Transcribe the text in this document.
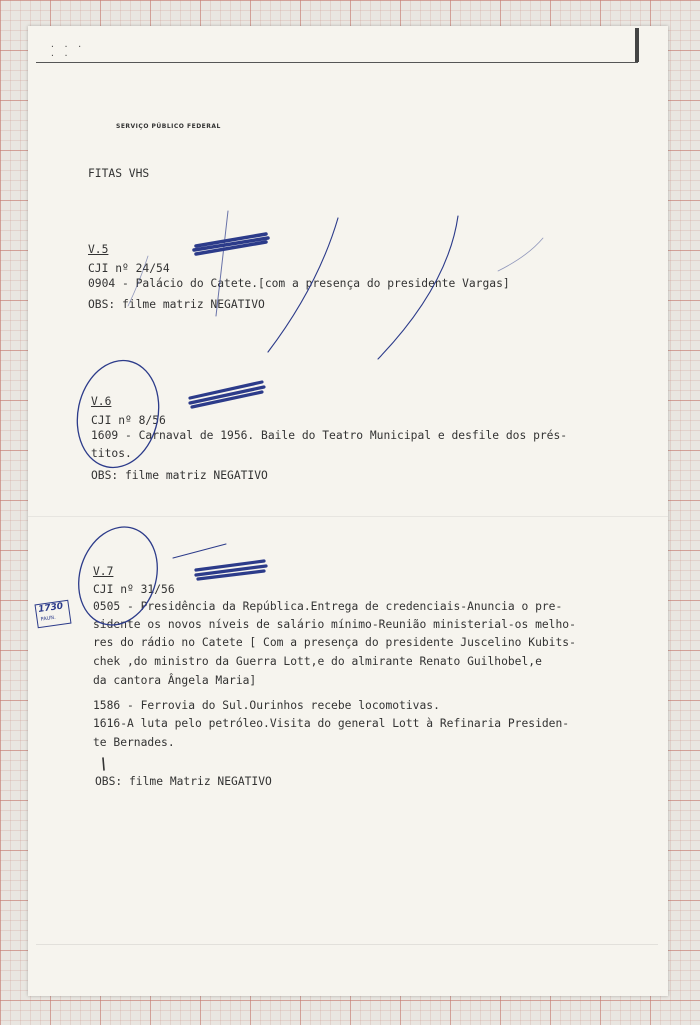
· · ·
· ·
SERVIÇO PÚBLICO FEDERAL
FITAS VHS
V.5
CJI nº 24/54
0904 - Palácio do Catete.[com a presença do presidente Vargas]
OBS: filme matriz NEGATIVO
V.6
CJI nº 8/56
1609 - Carnaval de 1956. Baile do Teatro Municipal e desfile dos prés-
titos.
OBS: filme matriz NEGATIVO
V.7
CJI nº 31/56
0505 - Presidência da República.Entrega de credenciais-Anuncia o pre-
sidente os novos níveis de salário mínimo-Reunião ministerial-os melho-
res do rádio no Catete [ Com a presença do presidente Juscelino Kubits-
chek ,do ministro da Guerra Lott,e do almirante Renato Guilhobel,e
da cantora Ângela Maria]
1586 - Ferrovia do Sul.Ourinhos recebe locomotivas.
1616-A luta pelo petróleo.Visita do general Lott à Refinaria Presiden-
te Bernades.
OBS: filme Matriz NEGATIVO
1730
PAUN.
